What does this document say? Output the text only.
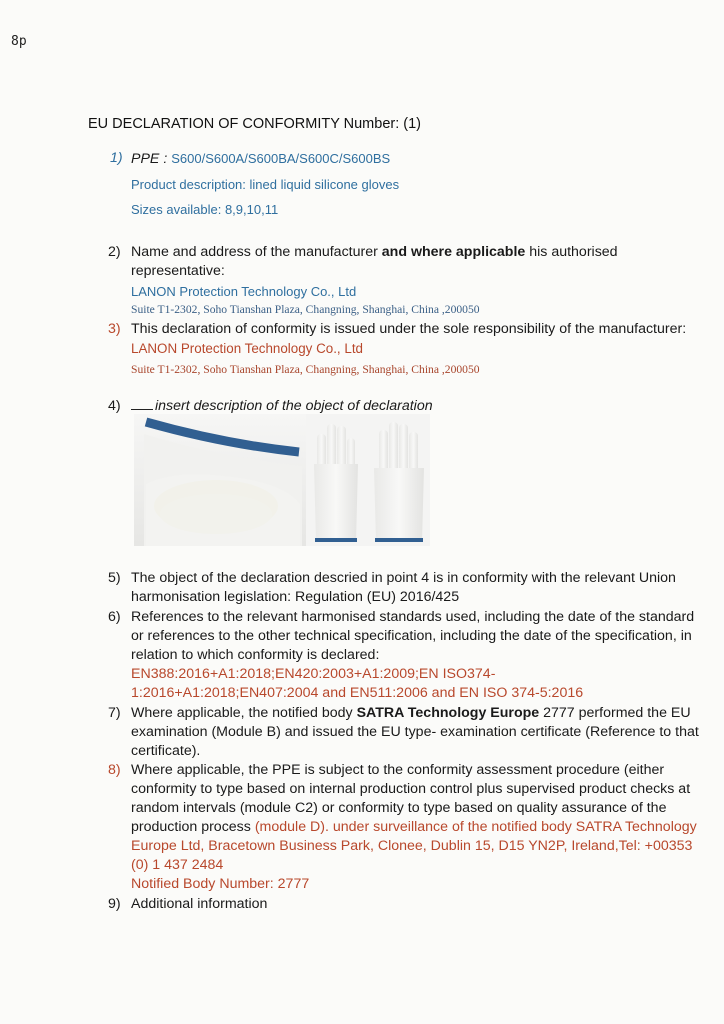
8p
EU DECLARATION OF CONFORMITY Number: (1)
1) PPE : S600/S600A/S600BA/S600C/S600BS
Product description: lined liquid silicone gloves
Sizes available: 8,9,10,11
2) Name and address of the manufacturer and where applicable his authorised representative:
LANON Protection Technology Co., Ltd
Suite T1-2302, Soho Tianshan Plaza, Changning, Shanghai, China ,200050
3) This declaration of conformity is issued under the sole responsibility of the manufacturer: LANON Protection Technology Co., Ltd
Suite T1-2302, Soho Tianshan Plaza, Changning, Shanghai, China ,200050
4)	insert description of the object of declaration
5) The object of the declaration descried in point 4 is in conformity with the relevant Union harmonisation legislation: Regulation (EU) 2016/425
6) References to the relevant harmonised standards used, including the date of the standard or references to the other technical specification, including the date of the specification, in relation to which conformity is declared:
EN388:2016+A1:2018;EN420:2003+A1:2009;EN ISO374-
1:2016+A1:2018;EN407:2004 and EN511:2006 and EN ISO 374-5:2016
7) Where applicable, the notified body SATRA Technology Europe 2777 performed the EU examination (Module B) and issued the EU type- examination certificate (Reference to that certificate).
8) Where applicable, the PPE is subject to the conformity assessment procedure (either conformity to type based on internal production control plus supervised product checks at random intervals (module C2) or conformity to type based on quality assurance of the production process (module D). under surveillance of the notified body SATRA Technology Europe Ltd, Bracetown Business Park, Clonee, Dublin 15, D15 YN2P, Ireland,Tel: +00353 (0) 1 437 2484
Notified Body Number: 2777
9) Additional information
